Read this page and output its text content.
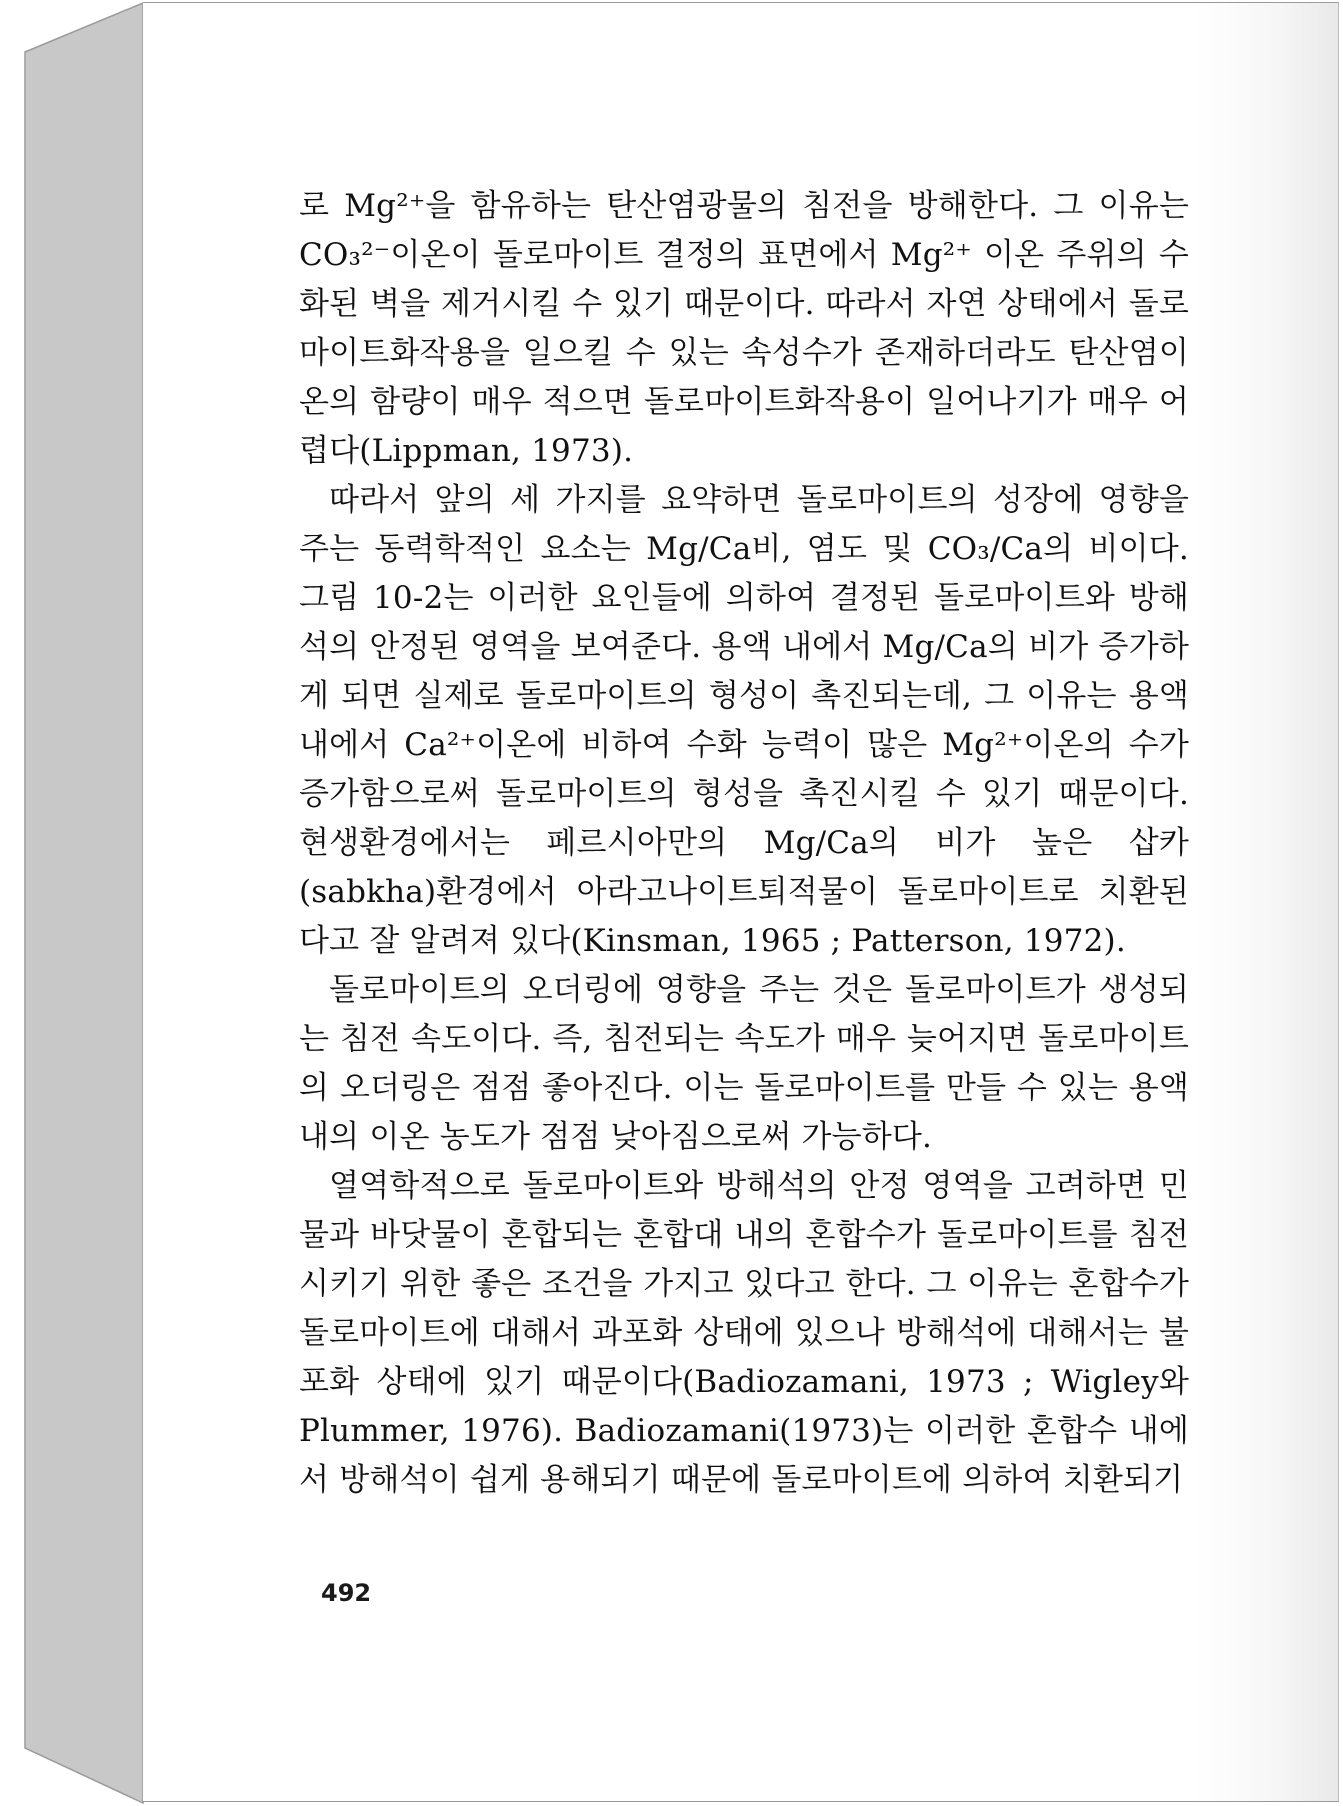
로 Mg²⁺을 함유하는 탄산염광물의 침전을 방해한다. 그 이유는 CO₃²⁻이온이 돌로마이트 결정의 표면에서 Mg²⁺ 이온 주위의 수화된 벽을 제거시킬 수 있기 때문이다. 따라서 자연 상태에서 돌로마이트화작용을 일으킬 수 있는 속성수가 존재하더라도 탄산염이온의 함량이 매우 적으면 돌로마이트화작용이 일어나기가 매우 어렵다(Lippman, 1973).

따라서 앞의 세 가지를 요약하면 돌로마이트의 성장에 영향을 주는 동력학적인 요소는 Mg/Ca비, 염도 및 CO₃/Ca의 비이다. 그림 10-2는 이러한 요인들에 의하여 결정된 돌로마이트와 방해석의 안정된 영역을 보여준다. 용액 내에서 Mg/Ca의 비가 증가하게 되면 실제로 돌로마이트의 형성이 촉진되는데, 그 이유는 용액 내에서 Ca²⁺이온에 비하여 수화 능력이 많은 Mg²⁺이온의 수가 증가함으로써 돌로마이트의 형성을 촉진시킬 수 있기 때문이다. 현생환경에서는 페르시아만의 Mg/Ca의 비가 높은 삽카(sabkha)환경에서 아라고나이트퇴적물이 돌로마이트로 치환된다고 잘 알려져 있다(Kinsman, 1965 ; Patterson, 1972).

돌로마이트의 오더링에 영향을 주는 것은 돌로마이트가 생성되는 침전 속도이다. 즉, 침전되는 속도가 매우 늦어지면 돌로마이트의 오더링은 점점 좋아진다. 이는 돌로마이트를 만들 수 있는 용액 내의 이온 농도가 점점 낮아짐으로써 가능하다.

열역학적으로 돌로마이트와 방해석의 안정 영역을 고려하면 민물과 바닷물이 혼합되는 혼합대 내의 혼합수가 돌로마이트를 침전시키기 위한 좋은 조건을 가지고 있다고 한다. 그 이유는 혼합수가 돌로마이트에 대해서 과포화 상태에 있으나 방해석에 대해서는 불포화 상태에 있기 때문이다(Badiozamani, 1973 ; Wigley와 Plummer, 1976). Badiozamani(1973)는 이러한 혼합수 내에서 방해석이 쉽게 용해되기 때문에 돌로마이트에 의하여 치환되기

492
